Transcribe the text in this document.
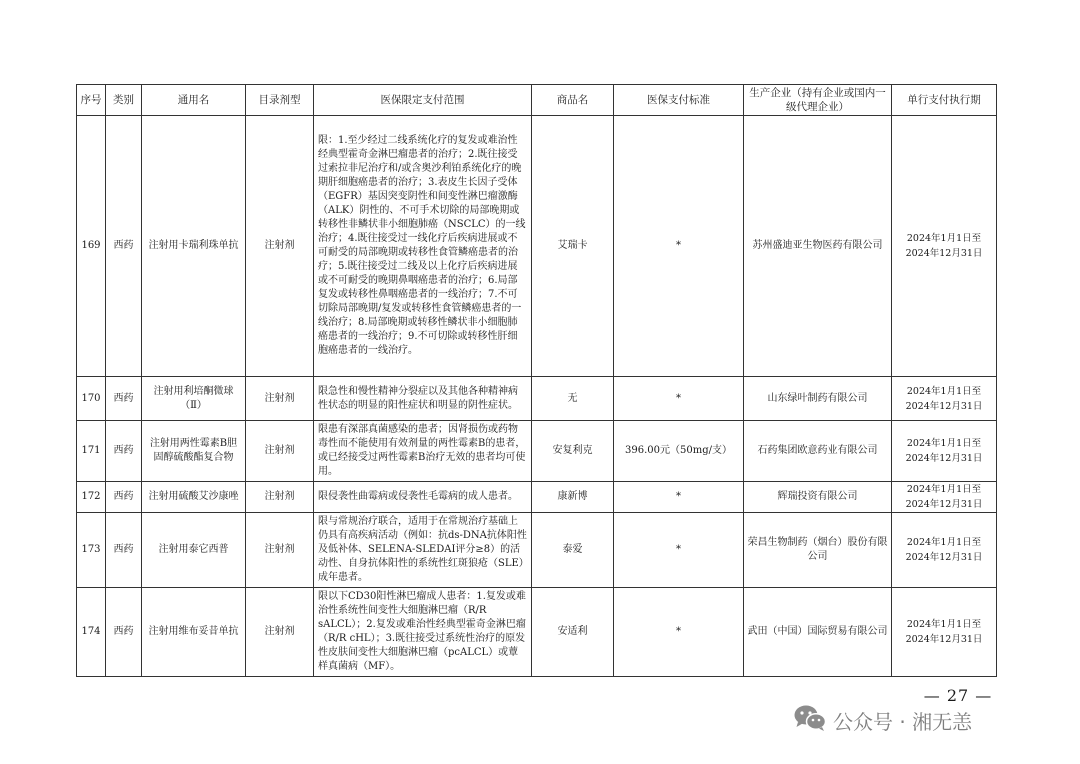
序号	类别	通用名	目录剂型	医保限定支付范围	商品名	医保支付标准	生产企业（持有企业或国内一级代理企业）	单行支付执行期
169	西药	注射用卡瑞利珠单抗	注射剂	限：1.至少经过二线系统化疗的复发或难治性经典型霍奇金淋巴瘤患者的治疗；2.既往接受过索拉非尼治疗和/或含奥沙利铂系统化疗的晚期肝细胞癌患者的治疗；3.表皮生长因子受体（EGFR）基因突变阴性和间变性淋巴瘤激酶（ALK）阴性的、不可手术切除的局部晚期或转移性非鳞状非小细胞肺癌（NSCLC）的一线治疗；4.既往接受过一线化疗后疾病进展或不可耐受的局部晚期或转移性食管鳞癌患者的治疗；5.既往接受过二线及以上化疗后疾病进展或不可耐受的晚期鼻咽癌患者的治疗；6.局部复发或转移性鼻咽癌患者的一线治疗；7.不可切除局部晚期/复发或转移性食管鳞癌患者的一线治疗；8.局部晚期或转移性鳞状非小细胞肺癌患者的一线治疗；9.不可切除或转移性肝细胞癌患者的一线治疗。	艾瑞卡	*	苏州盛迪亚生物医药有限公司	2024年1月1日至
2024年12月31日
170	西药	注射用利培酮微球（Ⅱ）	注射剂	限急性和慢性精神分裂症以及其他各种精神病性状态的明显的阳性症状和明显的阴性症状。	无	*	山东绿叶制药有限公司	2024年1月1日至
2024年12月31日
171	西药	注射用两性霉素B胆固醇硫酸酯复合物	注射剂	限患有深部真菌感染的患者；因肾损伤或药物毒性而不能使用有效剂量的两性霉素B的患者，或已经接受过两性霉素B治疗无效的患者均可使用。	安复利克	396.00元（50mg/支）	石药集团欧意药业有限公司	2024年1月1日至
2024年12月31日
172	西药	注射用硫酸艾沙康唑	注射剂	限侵袭性曲霉病或侵袭性毛霉病的成人患者。	康新博	*	辉瑞投资有限公司	2024年1月1日至
2024年12月31日
173	西药	注射用泰它西普	注射剂	限与常规治疗联合，适用于在常规治疗基础上仍具有高疾病活动（例如：抗ds-DNA抗体阳性及低补体、SELENA-SLEDAI评分≥8）的活动性、自身抗体阳性的系统性红斑狼疮（SLE）成年患者。	泰爱	*	荣昌生物制药（烟台）股份有限公司	2024年1月1日至
2024年12月31日
174	西药	注射用维布妥昔单抗	注射剂	限以下CD30阳性淋巴瘤成人患者：1.复发或难治性系统性间变性大细胞淋巴瘤（R/R sALCL）；2.复发或难治性经典型霍奇金淋巴瘤（R/R cHL）；3.既往接受过系统性治疗的原发性皮肤间变性大细胞淋巴瘤（pcALCL）或蕈样真菌病（MF）。	安适利	*	武田（中国）国际贸易有限公司	2024年1月1日至
2024年12月31日
— 27 —
公众号 · 湘无恙
